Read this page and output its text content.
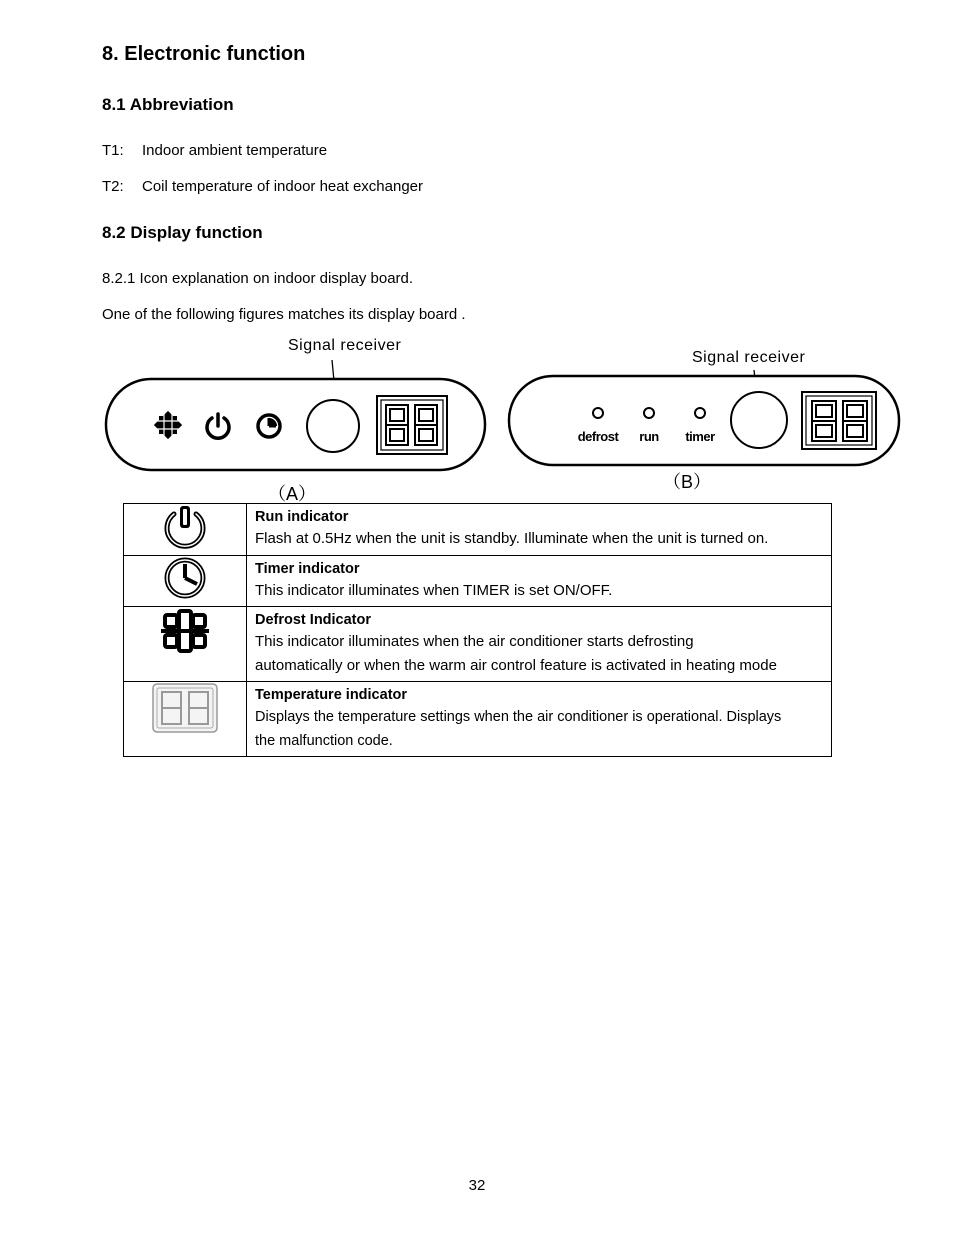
8. Electronic function
8.1 Abbreviation
T1: Indoor ambient temperature
T2: Coil temperature of indoor heat exchanger
8.2 Display function
8.2.1 Icon explanation on indoor display board.
One of the following figures matches its display board .
Signal receiver
（A）
Signal receiver
defrost run timer
（B）

Run indicator
Flash at 0.5Hz when the unit is standby. Illuminate when the unit is turned on.

Timer indicator
This indicator illuminates when TIMER is set ON/OFF.

Defrost Indicator
This indicator illuminates when the air conditioner starts defrosting
automatically or when the warm air control feature is activated in heating mode

Temperature indicator
Displays the temperature settings when the air conditioner is operational. Displays
the malfunction code.
32
